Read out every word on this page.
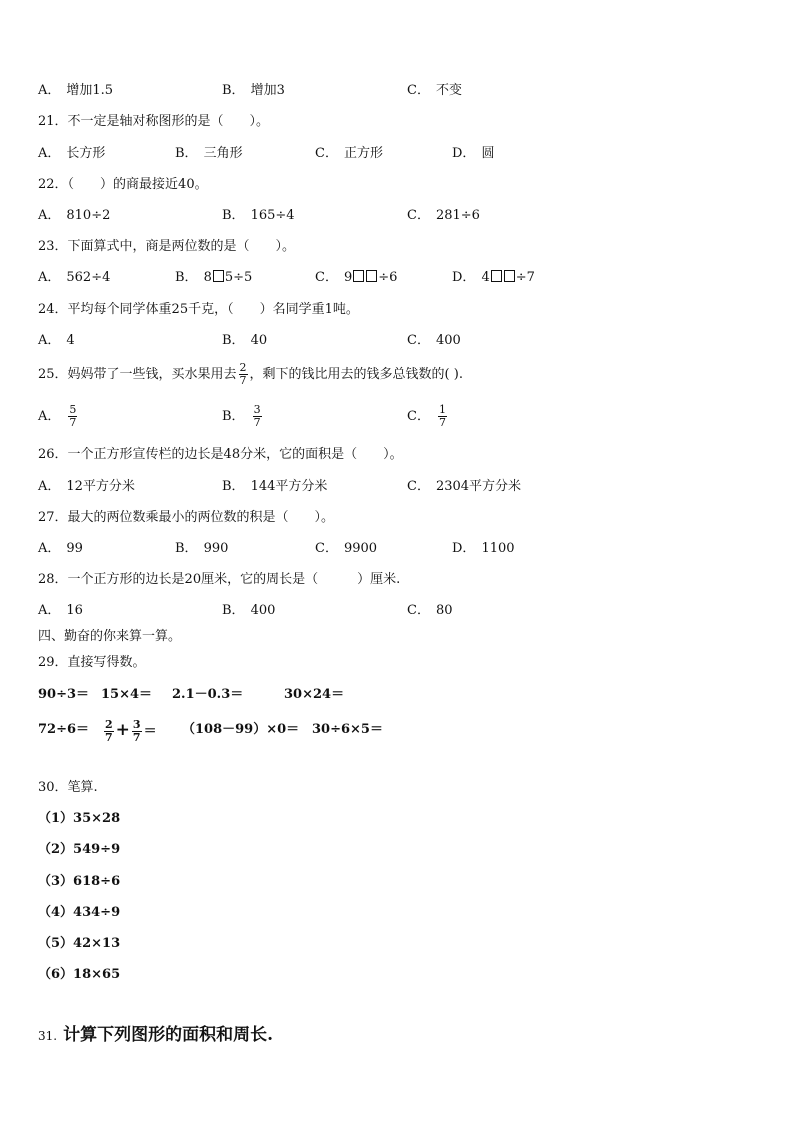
A． 增加1.5	B． 增加3	C． 不变
21．不一定是轴对称图形的是（　　）。
A． 长方形	B． 三角形	C． 正方形	D． 圆
22．（　　）的商最接近40。
A． 810÷2	B． 165÷4	C． 281÷6
23．下面算式中，商是两位数的是（　　）。
A． 562÷4	B． 8 5÷5	C． 9 ÷6	D． 4 ÷7
24．平均每个同学体重25千克，（　　）名同学重1吨。
A． 4	B． 40	C． 400
25．妈妈带了一些钱，买水果用去 $\frac{2}{7}$ ，剩下的钱比用去的钱多总钱数的( ).
A． $\frac{5}{7}$	B． $\frac{3}{7}$	C． $\frac{1}{7}$
26．一个正方形宣传栏的边长是48分米，它的面积是（　　）。
A． 12平方分米	B． 144平方分米	C． 2304平方分米
27．最大的两位数乘最小的两位数的积是（　　）。
A． 99	B． 990	C． 9900	D． 1100
28．一个正方形的边长是20厘米，它的周长是（　　　）厘米.
A． 16	B． 400	C． 80
四、勤奋的你来算一算。
29．直接写得数。
90÷3＝ 15×4＝ 2.1－0.3＝	30×24＝
$72\div 6= \frac{2}{7} + \frac{3}{7} = (108-99)\times 0= 30\div 6\times 5=$
30．笔算.
（1）35×28
（2）549÷9
（3）618÷6
（4）434÷9
（5）42×13
（6）18×65
31. 计算下列图形的面积和周长.
